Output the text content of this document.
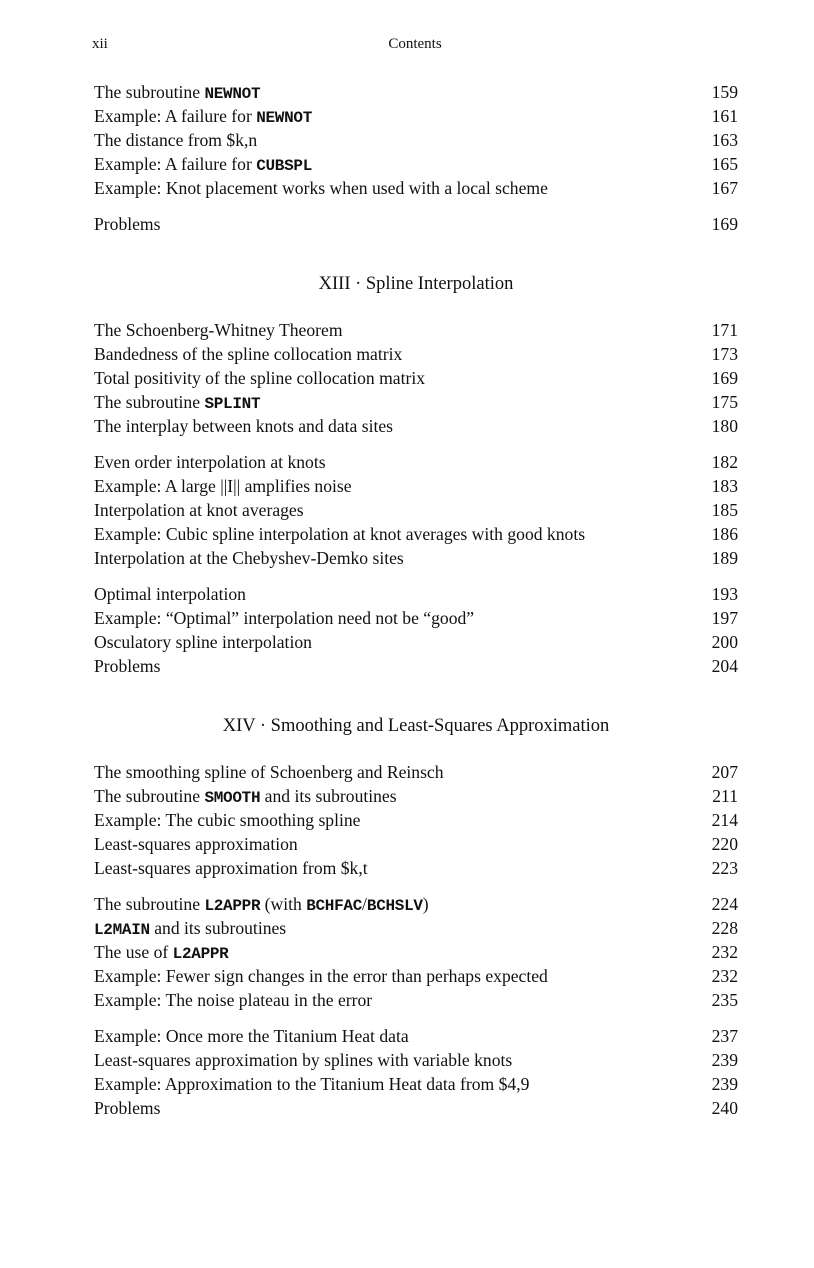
xii	Contents
The subroutine NEWNOT	159
Example: A failure for NEWNOT	161
The distance from $k,n	163
Example: A failure for CUBSPL	165
Example: Knot placement works when used with a local scheme	167
Problems	169
XIII · Spline Interpolation
The Schoenberg-Whitney Theorem	171
Bandedness of the spline collocation matrix	173
Total positivity of the spline collocation matrix	169
The subroutine SPLINT	175
The interplay between knots and data sites	180
Even order interpolation at knots	182
Example: A large ||I|| amplifies noise	183
Interpolation at knot averages	185
Example: Cubic spline interpolation at knot averages with good knots	186
Interpolation at the Chebyshev-Demko sites	189
Optimal interpolation	193
Example: “Optimal” interpolation need not be “good”	197
Osculatory spline interpolation	200
Problems	204
XIV · Smoothing and Least-Squares Approximation
The smoothing spline of Schoenberg and Reinsch	207
The subroutine SMOOTH and its subroutines	211
Example: The cubic smoothing spline	214
Least-squares approximation	220
Least-squares approximation from $k,t	223
The subroutine L2APPR (with BCHFAC/BCHSLV)	224
L2MAIN and its subroutines	228
The use of L2APPR	232
Example: Fewer sign changes in the error than perhaps expected	232
Example: The noise plateau in the error	235
Example: Once more the Titanium Heat data	237
Least-squares approximation by splines with variable knots	239
Example: Approximation to the Titanium Heat data from $4,9	239
Problems	240
